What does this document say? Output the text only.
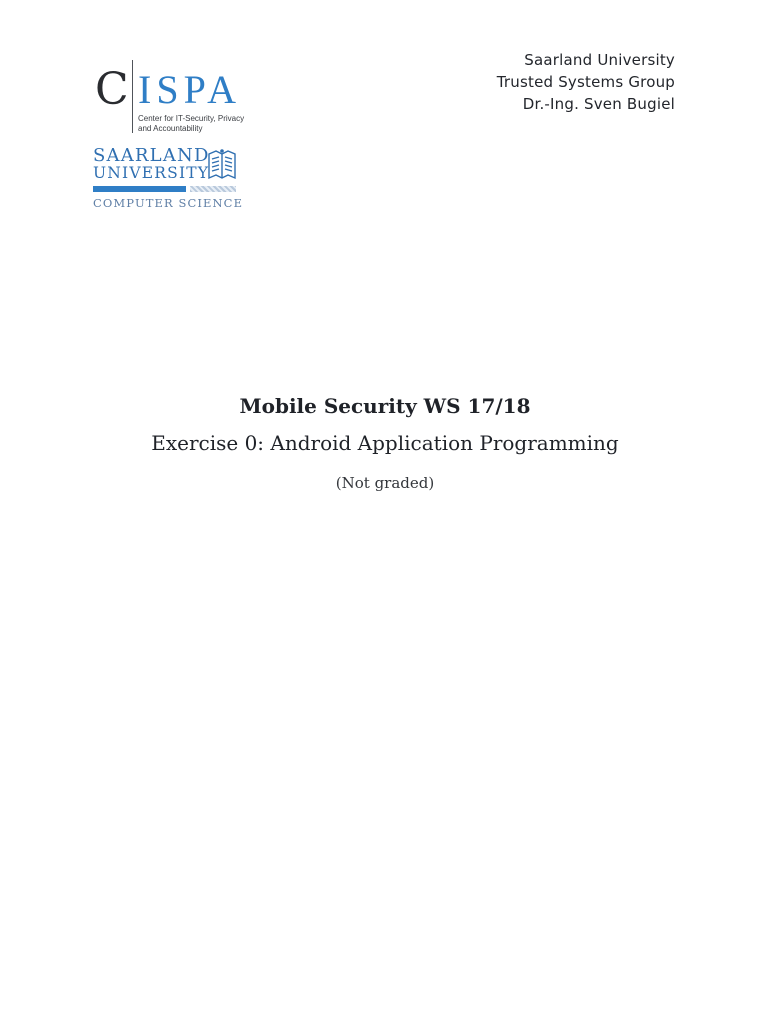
Saarland University
Trusted Systems Group
Dr.-Ing. Sven Bugiel
C ISPA
Center for IT-Security, Privacy
and Accountability
SAARLAND
UNIVERSITY
COMPUTER SCIENCE
Mobile Security WS 17/18
Exercise 0: Android Application Programming
(Not graded)
